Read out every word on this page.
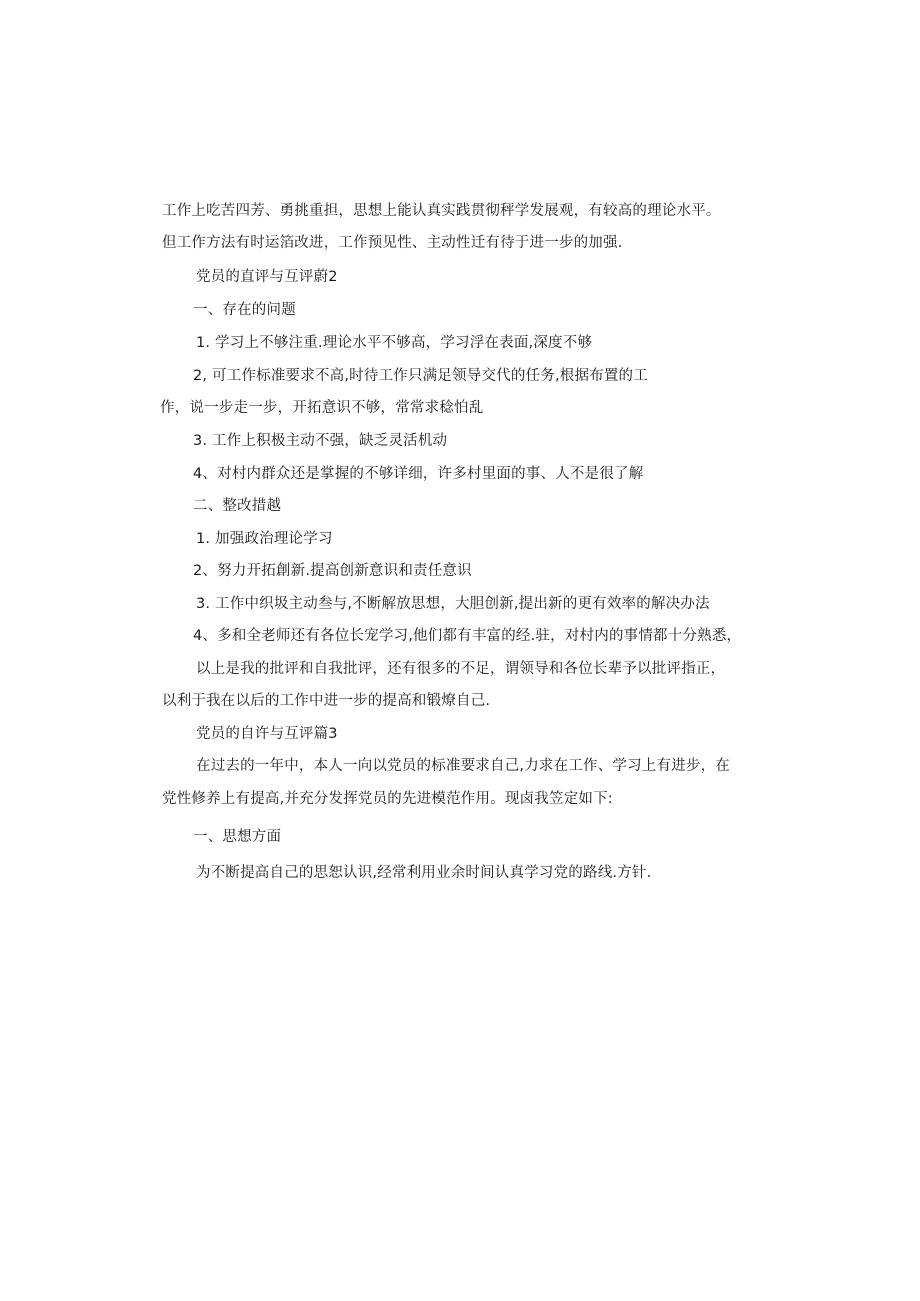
工作上吃苦四芳、勇挑重担，思想上能认真实践贯彻秤学发展观，有较高的理论水平。
但工作方法有时运箔改进，工作预见性、主动性迁有待于进一步的加强.
党员的直评与互评蔚2
一、存在的问题
1. 学习上不够注重.理论水平不够高，学习浮在表面,深度不够
2, 可工作标准要求不高,时待工作只满足领导交代的任务,根据布置的工
作，说一步走一步，开拓意识不够，常常求稔怕乱
3. 工作上积极主动不强，缺乏灵活机动
4、对村内群众还是掌握的不够详细，许多村里面的事、人不是很了解
二、整改措越
1. 加强政治理论学习
2、努力开拓創新.提高创新意识和责任意识
3. 工作中织圾主动叁与,不断解放思想，大胆创新,提出新的更有效率的解决办法
4、多和全老师还有各位长宠学习,他们都有丰富的经.驻，对村内的事情都十分熟悉，
以上是我的批评和自我批评，还有很多的不足，谓领导和各位长辈予以批评指正，
以利于我在以后的工作中进一步的提高和锻燎自己.
党员的自许与互评篇3
在过去的一年中，本人一向以党员的标准要求自己,力求在工作、学习上有进步，在
党性修养上有提高,并充分发挥党员的先进模范作用。现卤我笠定如下:
一、思想方面
为不断提高自己的思恕认识,经常利用业余时间认真学习党的路线.方针.
